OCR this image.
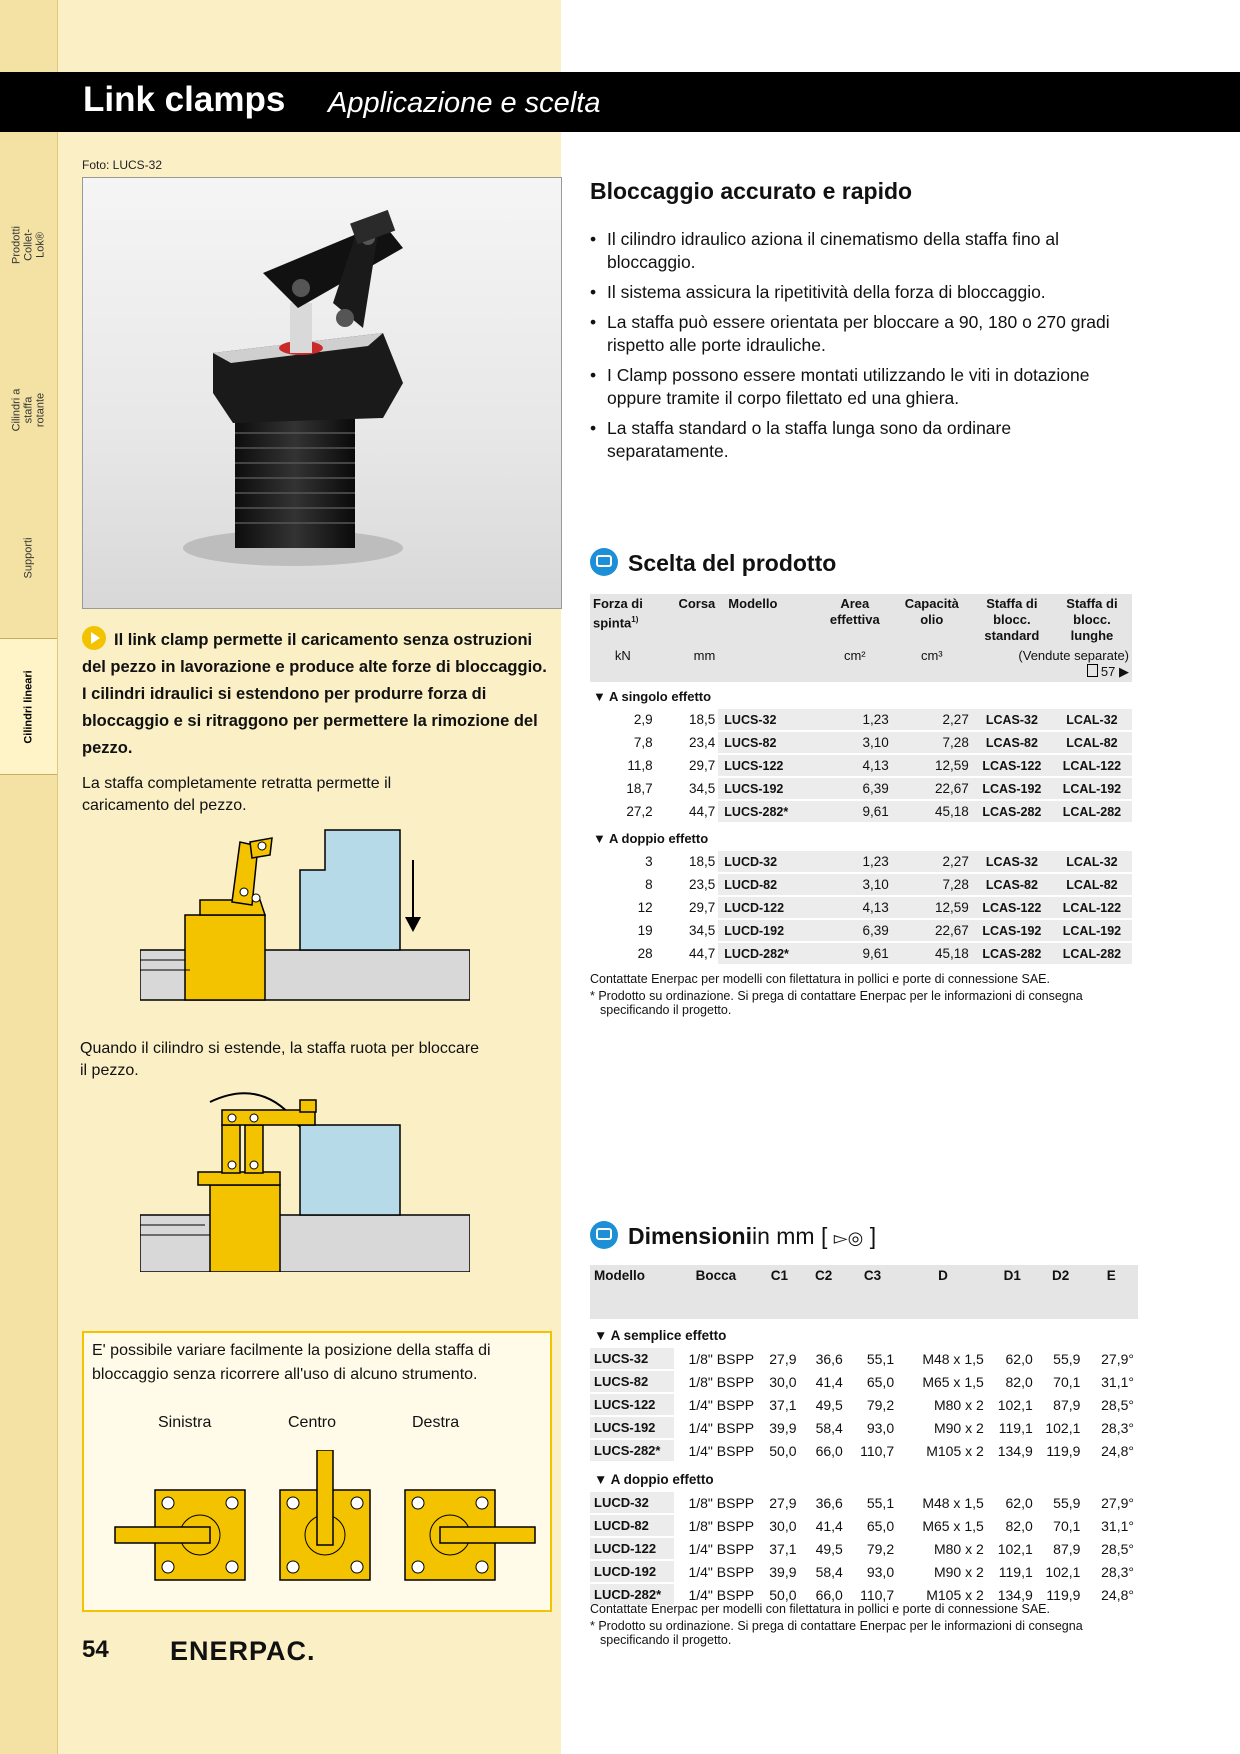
Prodotti Collet-Lok®
Cilindri a staffa rotante
Supporti
Cilindri lineari
Link clamps Applicazione e scelta
Foto: LUCS-32
Il link clamp permette il caricamento senza ostruzioni del pezzo in lavorazione e produce alte forze di bloccaggio. I cilindri idraulici si estendono per produrre forza di bloccaggio e si ritraggono per permettere la rimozione del pezzo.
La staffa completamente retratta permette il caricamento del pezzo.
Quando il cilindro si estende, la staffa ruota per bloccare il pezzo.
E' possibile variare facilmente la posizione della staffa di bloccaggio senza ricorrere all'uso di alcuno strumento.
Sinistra	Centro	Destra
54 ENERPAC.
Bloccaggio accurato e rapido
• Il cilindro idraulico aziona il cinematismo della staffa fino al bloccaggio.
• Il sistema assicura la ripetitività della forza di bloccaggio.
• La staffa può essere orientata per bloccare a 90, 180 o 270 gradi rispetto alle porte idrauliche.
• I Clamp possono essere montati utilizzando le viti in dotazione oppure tramite il corpo filettato ed una ghiera.
• La staffa standard o la staffa lunga sono da ordinare separatamente.
Scelta del prodotto
Forza di spinta$^{1)}$	Corsa	Modello	Area effettiva	Capacità olio	Staffa di blocc. standard	Staffa di blocc. lunghe
kN	mm		cm²	cm³	(Vendute separate)
57 ▶	

▼ A singolo effetto						
2,9	18,5	LUCS-32	1,23	2,27	LCAS-32	LCAL-32
7,8	23,4	LUCS-82	3,10	7,28	LCAS-82	LCAL-82
11,8	29,7	LUCS-122	4,13	12,59	LCAS-122	LCAL-122
18,7	34,5	LUCS-192	6,39	22,67	LCAS-192	LCAL-192
27,2	44,7	LUCS-282*	9,61	45,18	LCAS-282	LCAL-282
▼ A doppio effetto						
3	18,5	LUCD-32	1,23	2,27	LCAS-32	LCAL-32
8	23,5	LUCD-82	3,10	7,28	LCAS-82	LCAL-82
12	29,7	LUCD-122	4,13	12,59	LCAS-122	LCAL-122
19	34,5	LUCD-192	6,39	22,67	LCAS-192	LCAL-192
28	44,7	LUCD-282*	9,61	45,18	LCAS-282	LCAL-282
Contattate Enerpac per modelli con filettatura in pollici e porte di connessione SAE.
* Prodotto su ordinazione. Si prega di contattare Enerpac per le informazioni di consegna specificando il progetto.
Dimensioniin mm [ ▻◎ ]
Modello	Bocca	C1	C2	C3	D	D1	D2	E
▼ A semplice effetto								
LUCS-32	1/8" BSPP	27,9	36,6	55,1	M48 x 1,5	62,0	55,9	27,9°
LUCS-82	1/8" BSPP	30,0	41,4	65,0	M65 x 1,5	82,0	70,1	31,1°
LUCS-122	1/4" BSPP	37,1	49,5	79,2	M80 x 2	102,1	87,9	28,5°
LUCS-192	1/4" BSPP	39,9	58,4	93,0	M90 x 2	119,1	102,1	28,3°
LUCS-282*	1/4" BSPP	50,0	66,0	110,7	M105 x 2	134,9	119,9	24,8°
▼ A doppio effetto								
LUCD-32	1/8" BSPP	27,9	36,6	55,1	M48 x 1,5	62,0	55,9	27,9°
LUCD-82	1/8" BSPP	30,0	41,4	65,0	M65 x 1,5	82,0	70,1	31,1°
LUCD-122	1/4" BSPP	37,1	49,5	79,2	M80 x 2	102,1	87,9	28,5°
LUCD-192	1/4" BSPP	39,9	58,4	93,0	M90 x 2	119,1	102,1	28,3°
LUCD-282*	1/4" BSPP	50,0	66,0	110,7	M105 x 2	134,9	119,9	24,8°
Contattate Enerpac per modelli con filettatura in pollici e porte di connessione SAE.
* Prodotto su ordinazione. Si prega di contattare Enerpac per le informazioni di consegna specificando il progetto.
